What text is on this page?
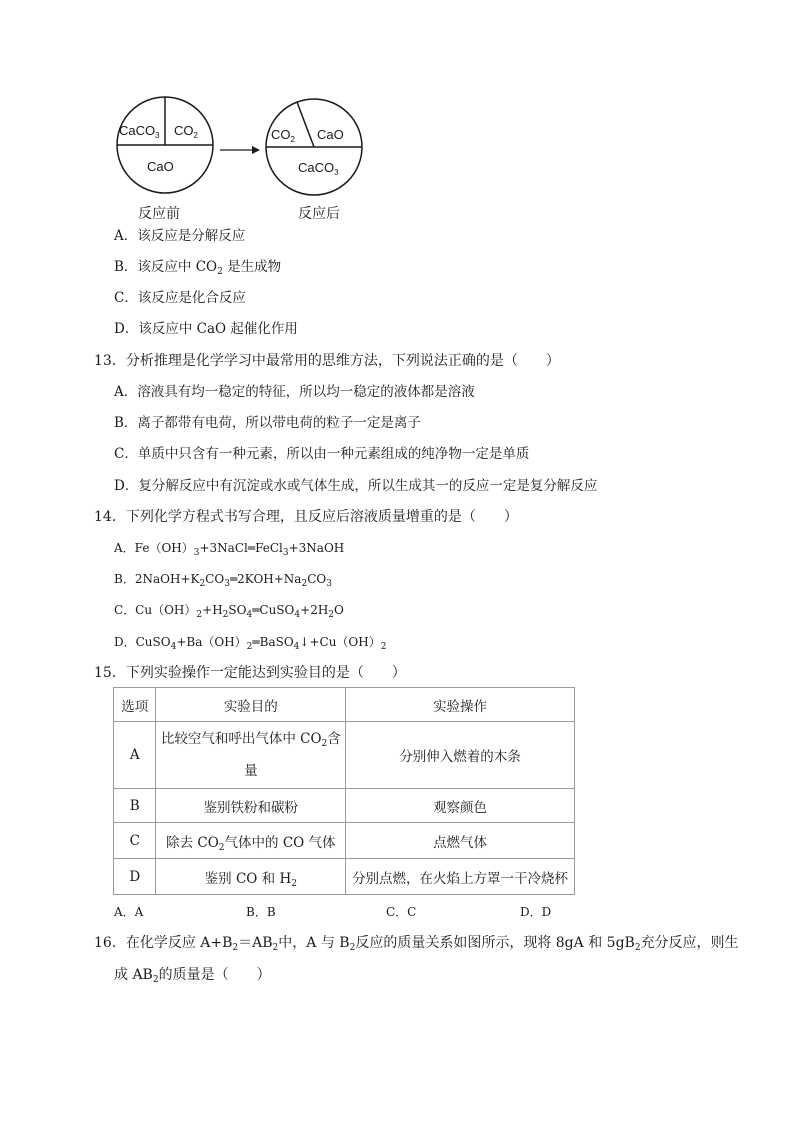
CaCO$_3$ $CO_2$
CaO
反应前
$CO_2$ CaO
CaCO$_3$
反应后
A．该反应是分解反应
B．该反应中 $CO_2$ 是生成物
C．该反应是化合反应
D．该反应中 CaO 起催化作用
13．分析推理是化学学习中最常用的思维方法，下列说法正确的是（　　）
A．溶液具有均一稳定的特征，所以均一稳定的液体都是溶液
B．离子都带有电荷，所以带电荷的粒子一定是离子
C．单质中只含有一种元素，所以由一种元素组成的纯净物一定是单质
D．复分解反应中有沉淀或水或气体生成，所以生成其一的反应一定是复分解反应
14．下列化学方程式书写合理，且反应后溶液质量增重的是（　　）
A．$Fe(OH)_3+3NaCl═FeCl_3+3NaOH$
B．$2NaOH+K_2CO_3═2KOH+Na_2CO_3$
C．$Cu(OH)_2+H_2SO_4═CuSO_4+2H_2O$
D．$CuSO_4+Ba(OH)_2═BaSO_4↓+Cu(OH)_2$
15．下列实验操作一定能达到实验目的是（　　）
选项	实验目的	实验操作
A	比较空气和呼出气体中 $CO_2$含量	分别伸入燃着的木条
B	鉴别铁粉和碳粉	观察颜色
C	除去 $CO_2$气体中的 CO 气体	点燃气体
D	鉴别 CO 和 $H_2$	分别点燃，在火焰上方罩一干冷烧杯
A．A	B．B	C．C	D．D
16．在化学反应 $A+B_2=AB_2$中，A 与 $B_2$反应的质量关系如图所示，现将 8gA 和 $5gB_2$充分反应，则生
成 $AB_2$的质量是（　　）
